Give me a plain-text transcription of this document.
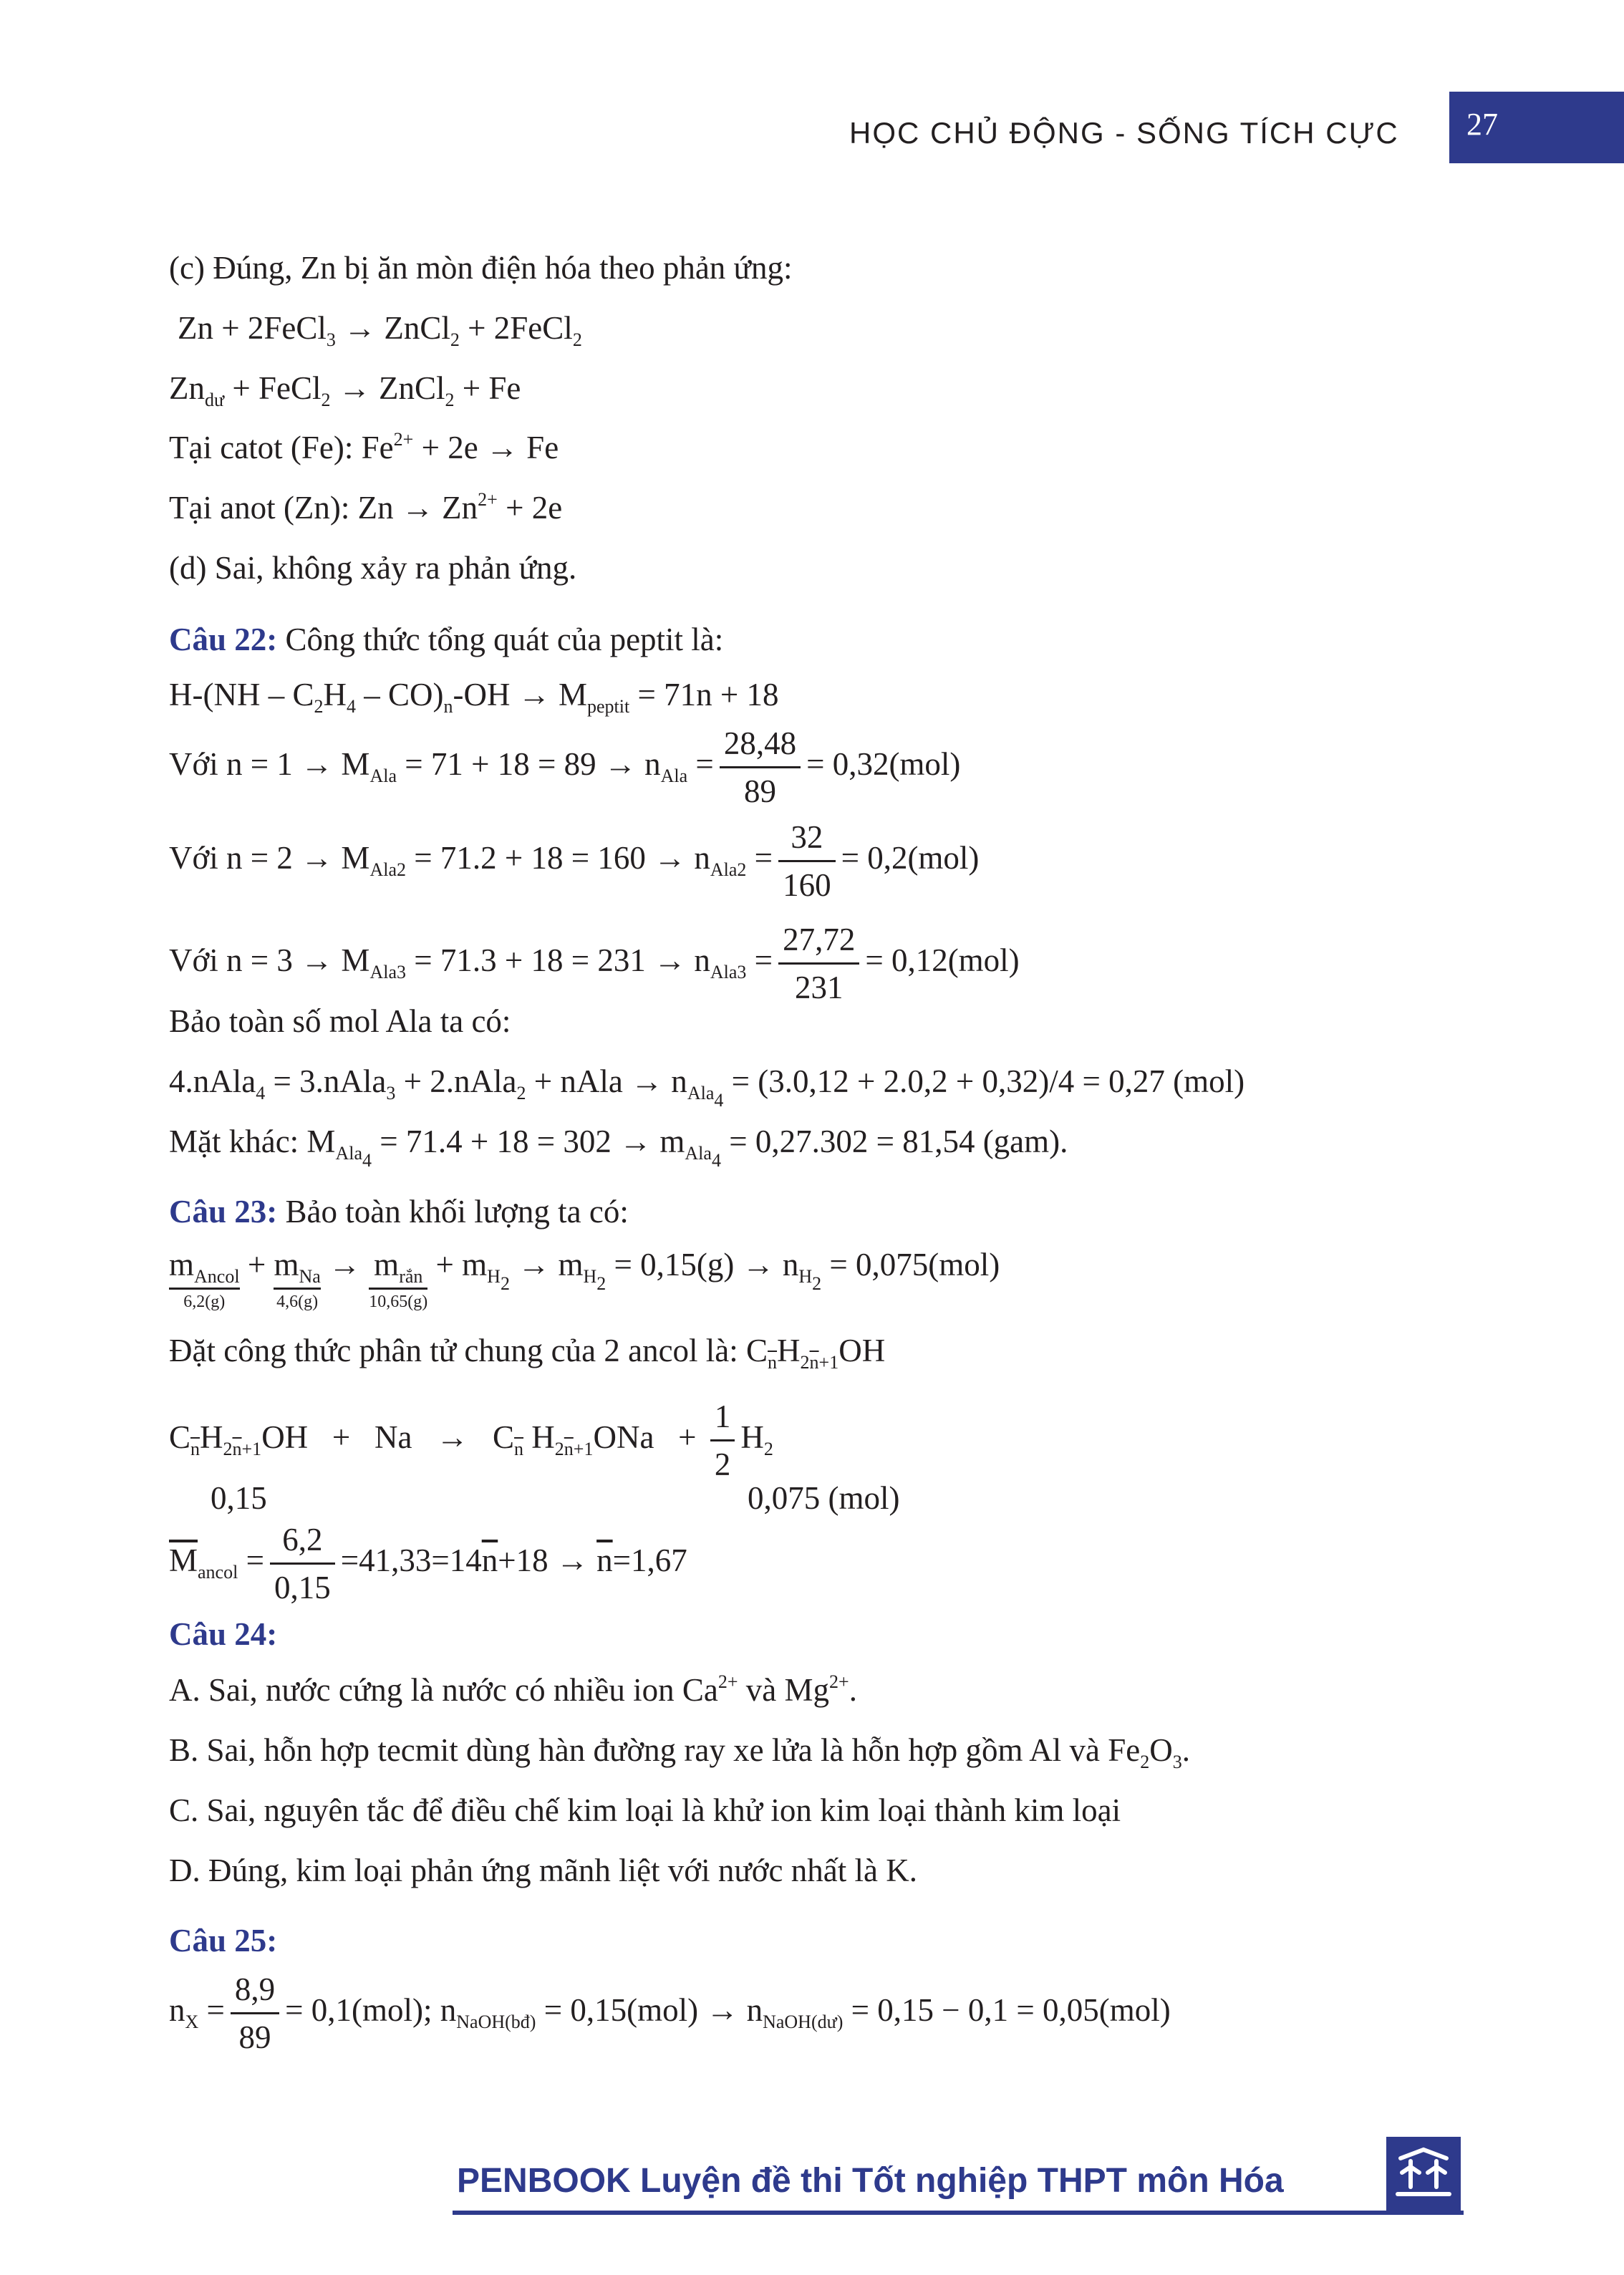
HỌC CHỦ ĐỘNG - SỐNG TÍCH CỰC 27
(c) Đúng, Zn bị ăn mòn điện hóa theo phản ứng:
Zn + 2FeCl$_3$ → ZnCl$_2$ + 2FeCl$_2$
$Zn_{dư}$ + FeCl$_2$ → ZnCl$_2$ + Fe
Tại catot (Fe): $Fe^{2+} + 2e \to Fe$
Tại anot (Zn): $Zn \to Zn^{2+} + 2e$
(d) Sai, không xảy ra phản ứng.
Câu 22: Công thức tổng quát của peptit là:
$H-(NH - C_2H_4 - CO)_n-OH \to M_{peptit} = 71n + 18$
Với $n = 1 \to M_{Ala} = 71 + 18 = 89 \to n_{Ala} = \frac{28,48}{89} = 0,32(mol)$
Với $n = 2 \to M_{Ala2} = 71.2 + 18 = 160 \to n_{Ala2} = \frac{32}{160} = 0,2(mol)$
Với $n = 3 \to M_{Ala3} = 71.3 + 18 = 231 \to n_{Ala3} = \frac{27,72}{231} = 0,12(mol)$
Bảo toàn số mol Ala ta có:
4.nAla$_4$ = 3.nAla$_3$ + 2.nAla$_2$ + nAla → $n_{Ala_4} = (3.0,12 + 2.0,2 + 0,32)/4 = 0,27$ (mol)
Mặt khác: $M_{Ala_4} = 71.4 + 18 = 302 \to m_{Ala_4} = 0,27.302 = 81,54$ (gam).
Câu 23: Bảo toàn khối lượng ta có:
$m_{Ancol}$
6,2(g)
+ $m_{Na}$
4,6(g)
→ $m_{rắn}$
10,65(g)
+ $m_{H_2} \to m_{H_2} = 0,15(g) \to n_{H_2} = 0,075(mol)$
Đặt công thức phân tử chung của 2 ancol là: $C_{\overline{n}}H_{2\overline{n}+1}OH$
$C_{\overline{n}}H_{2\overline{n}+1}OH + Na \to C_{\overline{n}}$ $H_{2\overline{n}+1}ONa + \frac{1}{2} H_2$
0,15	0,075 (mol)
$\overline{M}_{ancol} = \frac{6,2}{0,15} =41,33=14\overline{n}+18 \to \overline{n}=1,67$
Câu 24:
A. Sai, nước cứng là nước có nhiều ion $Ca^{2+}$ và $Mg^{2+}$.
B. Sai, hỗn hợp tecmit dùng hàn đường ray xe lửa là hỗn hợp gồm Al và $Fe_2O_3$.
C. Sai, nguyên tắc để điều chế kim loại là khử ion kim loại thành kim loại
D. Đúng, kim loại phản ứng mãnh liệt với nước nhất là K.
Câu 25:
$n_X = \frac{8,9}{89} = 0,1(mol)$; $n_{NaOH(bđ)} = 0,15(mol) \to n_{NaOH(dư)} = 0,15 - 0,1 = 0,05(mol)$
PENBOOK Luyện đề thi Tốt nghiệp THPT môn Hóa
